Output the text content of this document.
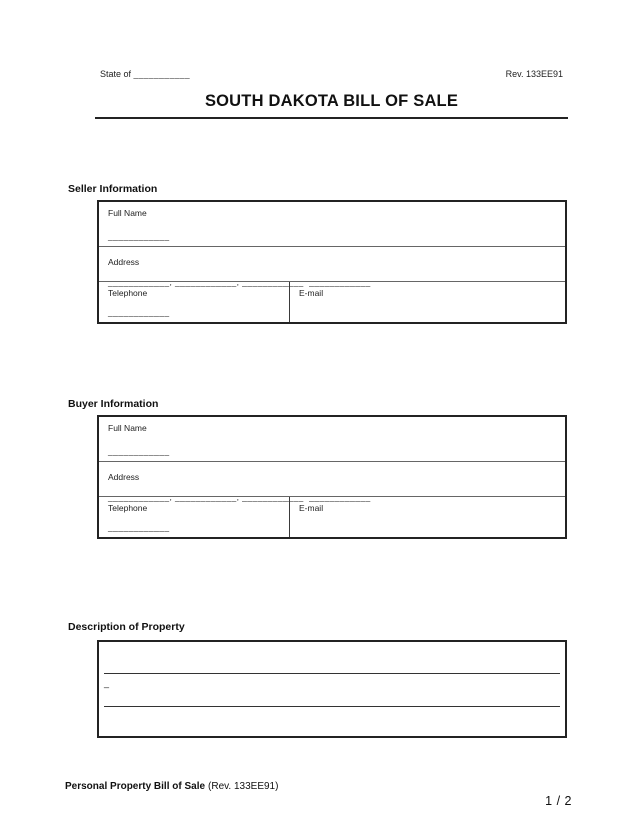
State of ___________	Rev. 133EE91
SOUTH DAKOTA BILL OF SALE
Seller Information
Full Name
____________
Address
____________, ____________, ____________  ____________
Telephone
____________
E-mail
Buyer Information
Full Name
____________
Address
____________, ____________, ____________  ____________
Telephone
____________
E-mail
Description of Property
_
Personal Property Bill of Sale (Rev. 133EE91)
1 / 2
